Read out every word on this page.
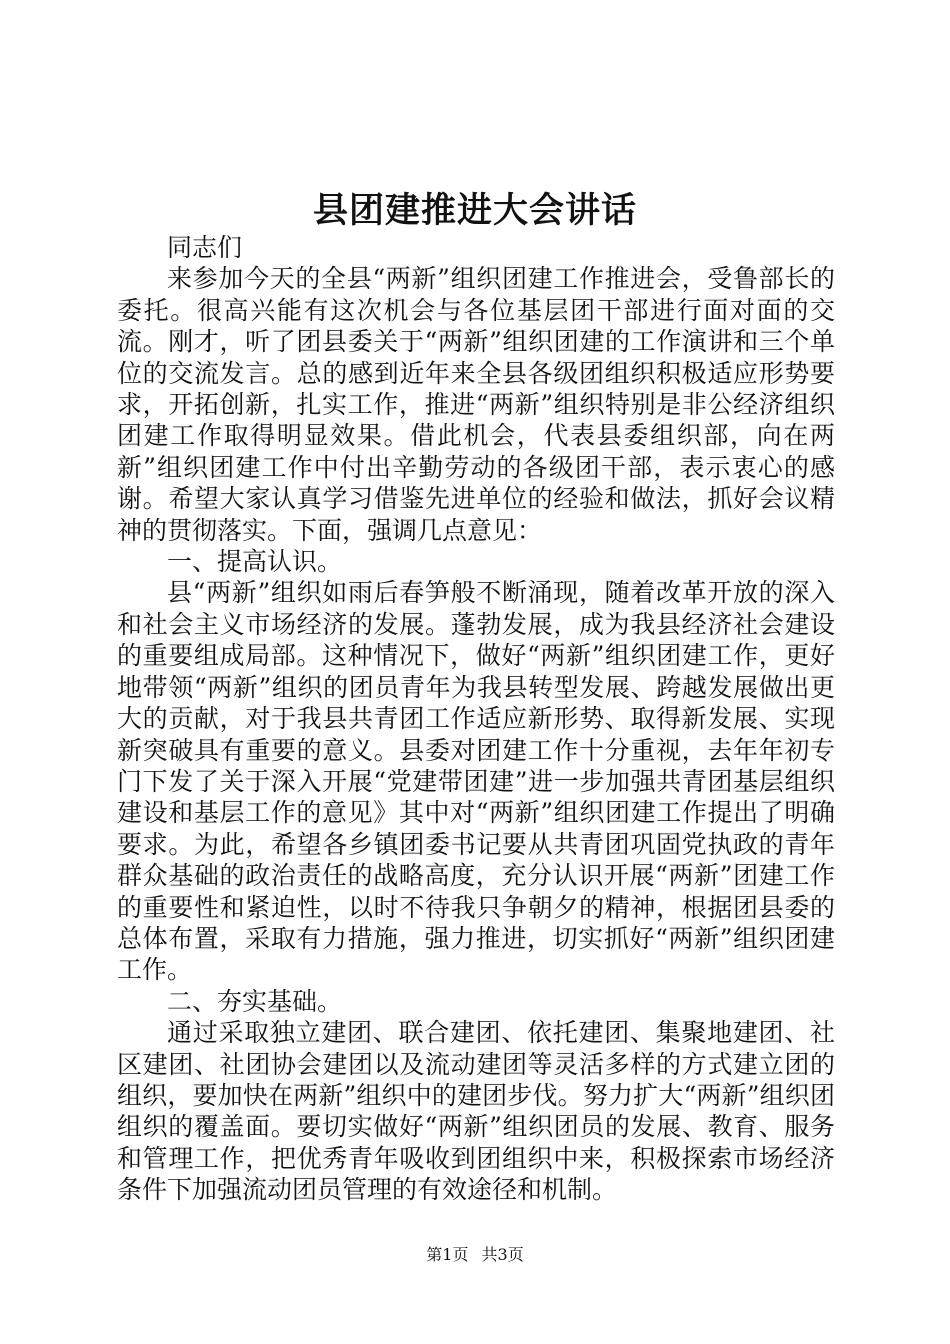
县团建推进大会讲话

同志们

来参加今天的全县“两新”组织团建工作推进会，受鲁部长的委托。很高兴能有这次机会与各位基层团干部进行面对面的交流。刚才，听了团县委关于“两新”组织团建的工作演讲和三个单位的交流发言。总的感到近年来全县各级团组织积极适应形势要求，开拓创新，扎实工作，推进“两新”组织特别是非公经济组织团建工作取得明显效果。借此机会，代表县委组织部，向在两新”组织团建工作中付出辛勤劳动的各级团干部，表示衷心的感谢。希望大家认真学习借鉴先进单位的经验和做法，抓好会议精神的贯彻落实。下面，强调几点意见：

一、提高认识。

县“两新”组织如雨后春笋般不断涌现，随着改革开放的深入和社会主义市场经济的发展。蓬勃发展，成为我县经济社会建设的重要组成局部。这种情况下，做好“两新”组织团建工作，更好地带领“两新”组织的团员青年为我县转型发展、跨越发展做出更大的贡献，对于我县共青团工作适应新形势、取得新发展、实现新突破具有重要的意义。县委对团建工作十分重视，去年年初专门下发了关于深入开展“党建带团建”进一步加强共青团基层组织建设和基层工作的意见》其中对“两新”组织团建工作提出了明确要求。为此，希望各乡镇团委书记要从共青团巩固党执政的青年群众基础的政治责任的战略高度，充分认识开展“两新”团建工作的重要性和紧迫性，以时不待我只争朝夕的精神，根据团县委的总体布置，采取有力措施，强力推进，切实抓好“两新”组织团建工作。

二、夯实基础。

通过采取独立建团、联合建团、依托建团、集聚地建团、社区建团、社团协会建团以及流动建团等灵活多样的方式建立团的组织，要加快在两新”组织中的建团步伐。努力扩大“两新”组织团组织的覆盖面。要切实做好“两新”组织团员的发展、教育、服务和管理工作，把优秀青年吸收到团组织中来，积极探索市场经济条件下加强流动团员管理的有效途径和机制。

第1页 共3页
